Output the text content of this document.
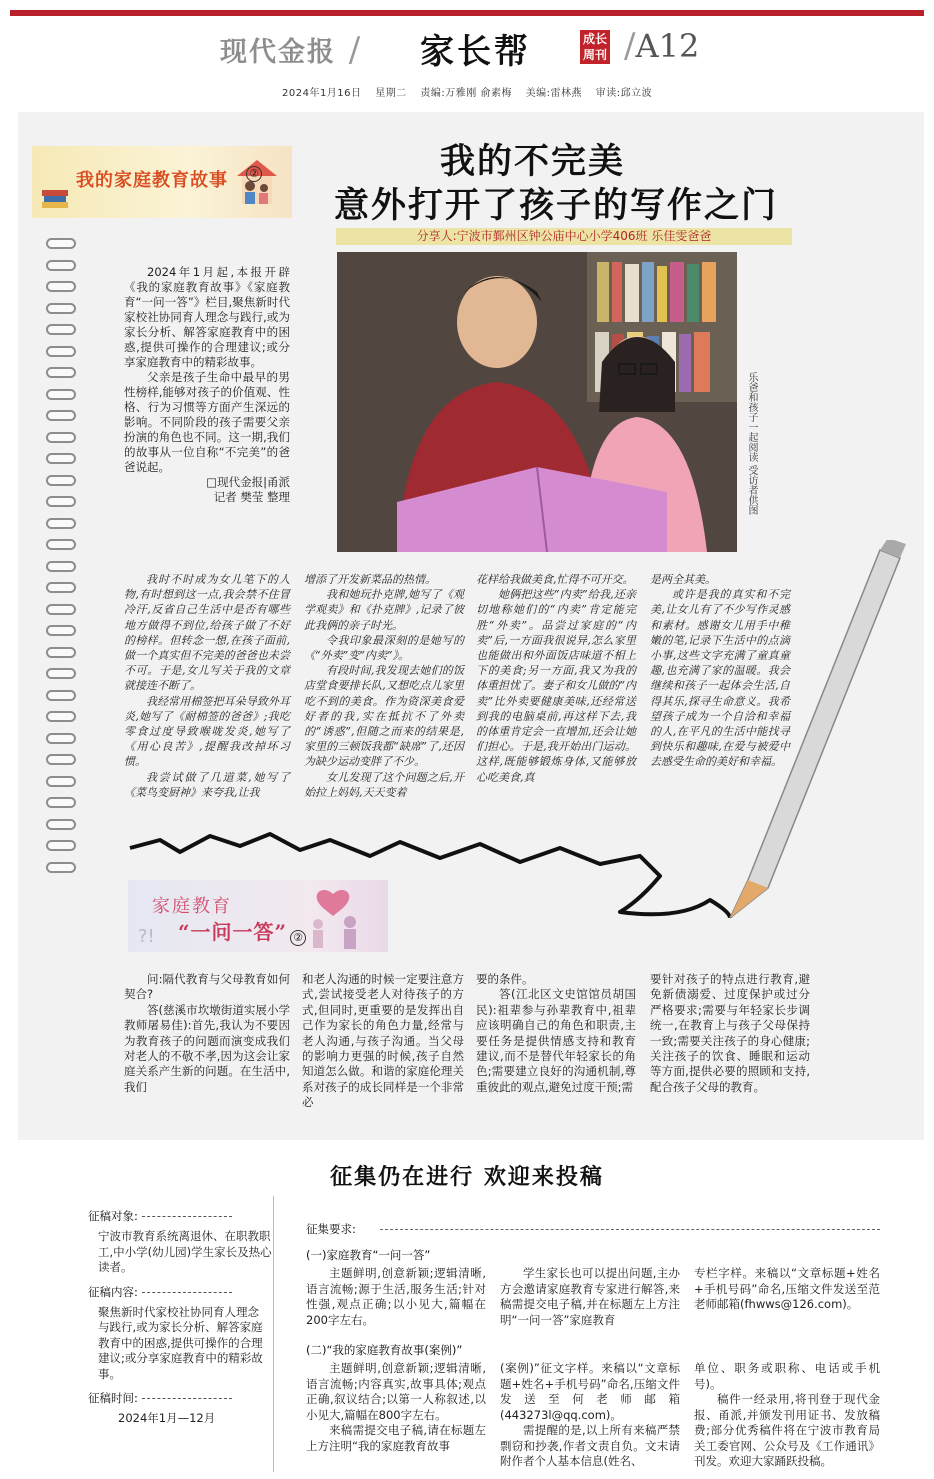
现代金报 / 家长帮	成长周刊 /A12
2024年1月16日 星期二 责编:万雅刚 俞素梅 美编:雷林燕 审读:邱立波
我的家庭教育故事 ②	我的不完美
意外打开了孩子的写作之门
分享人:宁波市鄞州区钟公庙中心小学406班 乐佳雯爸爸
乐爸和孩子一起阅读 受访者供图

2024年1月起,本报开辟《我的家庭教育故事》《家庭教育“一问一答”》栏目,聚焦新时代家校社协同育人理念与践行,或为家长分析、解答家庭教育中的困惑,提供可操作的合理建议;或分享家庭教育中的精彩故事。

父亲是孩子生命中最早的男性榜样,能够对孩子的价值观、性格、行为习惯等方面产生深远的影响。不同阶段的孩子需要父亲扮演的角色也不同。这一期,我们的故事从一位自称“不完美”的爸爸说起。

□现代金报|甬派

记者 樊莹 整理

我时不时成为女儿笔下的人物,有时想到这一点,我会禁不住冒冷汗,反省自己生活中是否有哪些地方做得不到位,给孩子做了不好的榜样。但转念一想,在孩子面前,做一个真实但不完美的爸爸也未尝不可。于是,女儿写关于我的文章就接连不断了。

我经常用棉签把耳朵导致外耳炎,她写了《耐棉签的爸爸》;我吃零食过度导致喉咙发炎,她写了《用心良苦》,提醒我改掉坏习惯。

我尝试做了几道菜,她写了《菜鸟变厨神》来夸我,让我

增添了开发新菜品的热情。

我和她玩扑克牌,她写了《观学观卖》和《扑克牌》,记录了彼此我俩的亲子时光。

令我印象最深刻的是她写的《“外卖”变“内卖”》。

有段时间,我发现去她们的饭店堂食要排长队,又想吃点儿家里吃不到的美食。作为资深美食爱好者的我,实在抵抗不了外卖的“诱惑”,但随之而来的结果是,家里的三顿饭我都“缺席”了,还因为缺少运动变胖了不少。

女儿发现了这个问题之后,开始拉上妈妈,天天变着

花样给我做美食,忙得不可开交。

她俩把这些“内卖”给我,还亲切地称她们的“内卖”肯定能完胜“外卖”。品尝过家庭的“内卖”后,一方面我很说异,怎么家里也能做出和外面饭店味道不相上下的美食;另一方面,我又为我的体重担忧了。妻子和女儿做的“内卖”比外卖要健康美味,还经常送到我的电脑桌前,再这样下去,我的体重肯定会一直增加,还会让她们担心。于是,我开始出门运动。这样,既能够锻炼身体,又能够放心吃美食,真

是两全其美。

或许是我的真实和不完美,让女儿有了不少写作灵感和素材。感谢女儿用手中稚嫩的笔,记录下生活中的点滴小事,这些文字充满了童真童趣,也充满了家的温暖。我会继续和孩子一起体会生活,自得其乐,探寻生命意义。我希望孩子成为一个自洽和幸福的人,在平凡的生活中能找寻到快乐和趣味,在爱与被爱中去感受生命的美好和幸福。

?!
家庭教育
“一问一答” ②

问:隔代教育与父母教育如何契合?

答(慈溪市坎墩街道实展小学教师屠易佳):首先,我认为不要因为教育孩子的问题而演变成我们对老人的不敬不孝,因为这会让家庭关系产生新的问题。在生活中,我们

和老人沟通的时候一定要注意方式,尝试接受老人对待孩子的方式,但同时,更重要的是发挥出自己作为家长的角色力量,经常与老人沟通,与孩子沟通。当父母的影响力更强的时候,孩子自然知道怎么做。和谐的家庭伦理关系对孩子的成长同样是一个非常必

要的条件。

答(江北区文史馆馆员胡国民):祖辈参与孙辈教育中,祖辈应该明确自己的角色和职责,主要任务是提供情感支持和教育建议,而不是替代年轻家长的角色;需要建立良好的沟通机制,尊重彼此的观点,避免过度干预;需

要针对孩子的特点进行教育,避免新债溺爱、过度保护或过分严格要求;需要与年轻家长步调统一,在教育上与孩子父母保持一致;需要关注孩子的身心健康;关注孩子的饮食、睡眠和运动等方面,提供必要的照顾和支持,配合孩子父母的教育。

征集仍在进行 欢迎来投稿
征稿对象:
宁波市教育系统离退休、在职教职工,中小学(幼儿园)学生家长及热心读者。
征稿内容:
聚焦新时代家校社协同育人理念与践行,或为家长分析、解答家庭教育中的困惑,提供可操作的合理建议;或分享家庭教育中的精彩故事。
征稿时间:
2024年1月—12月
征集要求:
(一)家庭教育“一问一答”

主题鲜明,创意新颖;逻辑清晰,语言流畅;源于生活,服务生活;针对性强,观点正确;以小见大,篇幅在200字左右。

学生家长也可以提出问题,主办方会邀请家庭教育专家进行解答,来稿需提交电子稿,并在标题左上方注明“一问一答”家庭教育

专栏字样。来稿以“文章标题+姓名+手机号码”命名,压缩文件发送至范老师邮箱(fhwws@126.com)。

(二)“我的家庭教育故事(案例)”

主题鲜明,创意新颖;逻辑清晰,语言流畅;内容真实,故事具体;观点正确,叙议结合;以第一人称叙述,以小见大,篇幅在800字左右。

来稿需提交电子稿,请在标题左上方注明“我的家庭教育故事

(案例)”征文字样。来稿以“文章标题+姓名+手机号码”命名,压缩文件发送至何老师邮箱(443273l@qq.com)。

需提醒的是,以上所有来稿严禁剽窃和抄袭,作者文责自负。文末请附作者个人基本信息(姓名、

单位、职务或职称、电话或手机号)。

稿件一经录用,将刊登于现代金报、甬派,并颁发刊用证书、发放稿费;部分优秀稿件将在宁波市教育局关工委官网、公众号及《工作通讯》刊发。欢迎大家踊跃投稿。
